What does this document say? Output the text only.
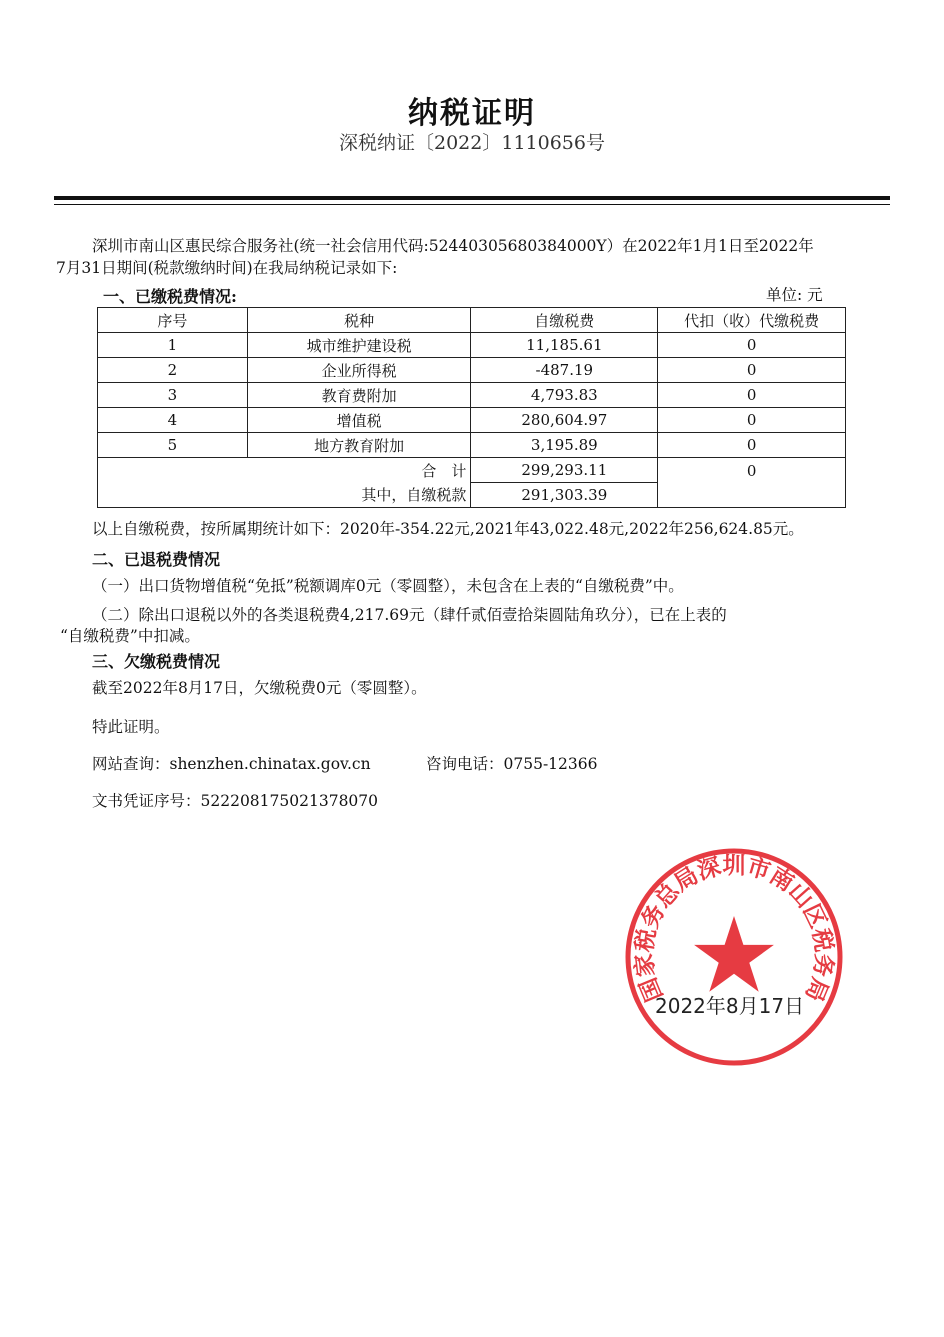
纳税证明
深税纳证〔2022〕1110656号
深圳市南山区惠民综合服务社(统一社会信用代码:52440305680384000Y）在2022年1月1日至2022年
7月31日期间(税款缴纳时间)在我局纳税记录如下:
一、已缴税费情况:	单位: 元
序号	税种	自缴税费	代扣（收）代缴税费
1	城市维护建设税	11,185.61	0
2	企业所得税	-487.19	0
3	教育费附加	4,793.83	0
4	增值税	280,604.97	0
5	地方教育附加	3,195.89	0
合　计		299,293.11	0
其中，自缴税款		291,303.39	
以上自缴税费，按所属期统计如下：2020年-354.22元,2021年43,022.48元,2022年256,624.85元。
二、已退税费情况
（一）出口货物增值税“免抵”税额调库0元（零圆整），未包含在上表的“自缴税费”中。
（二）除出口退税以外的各类退税费4,217.69元（肆仟贰佰壹拾柒圆陆角玖分），已在上表的
“自缴税费”中扣减。
三、欠缴税费情况
截至2022年8月17日，欠缴税费0元（零圆整）。
特此证明。
网站查询：shenzhen.chinatax.gov.cn	咨询电话：0755-12366
文书凭证序号：522208175021378070
国家税务总局深圳市南山区税务局
2022年8月17日
